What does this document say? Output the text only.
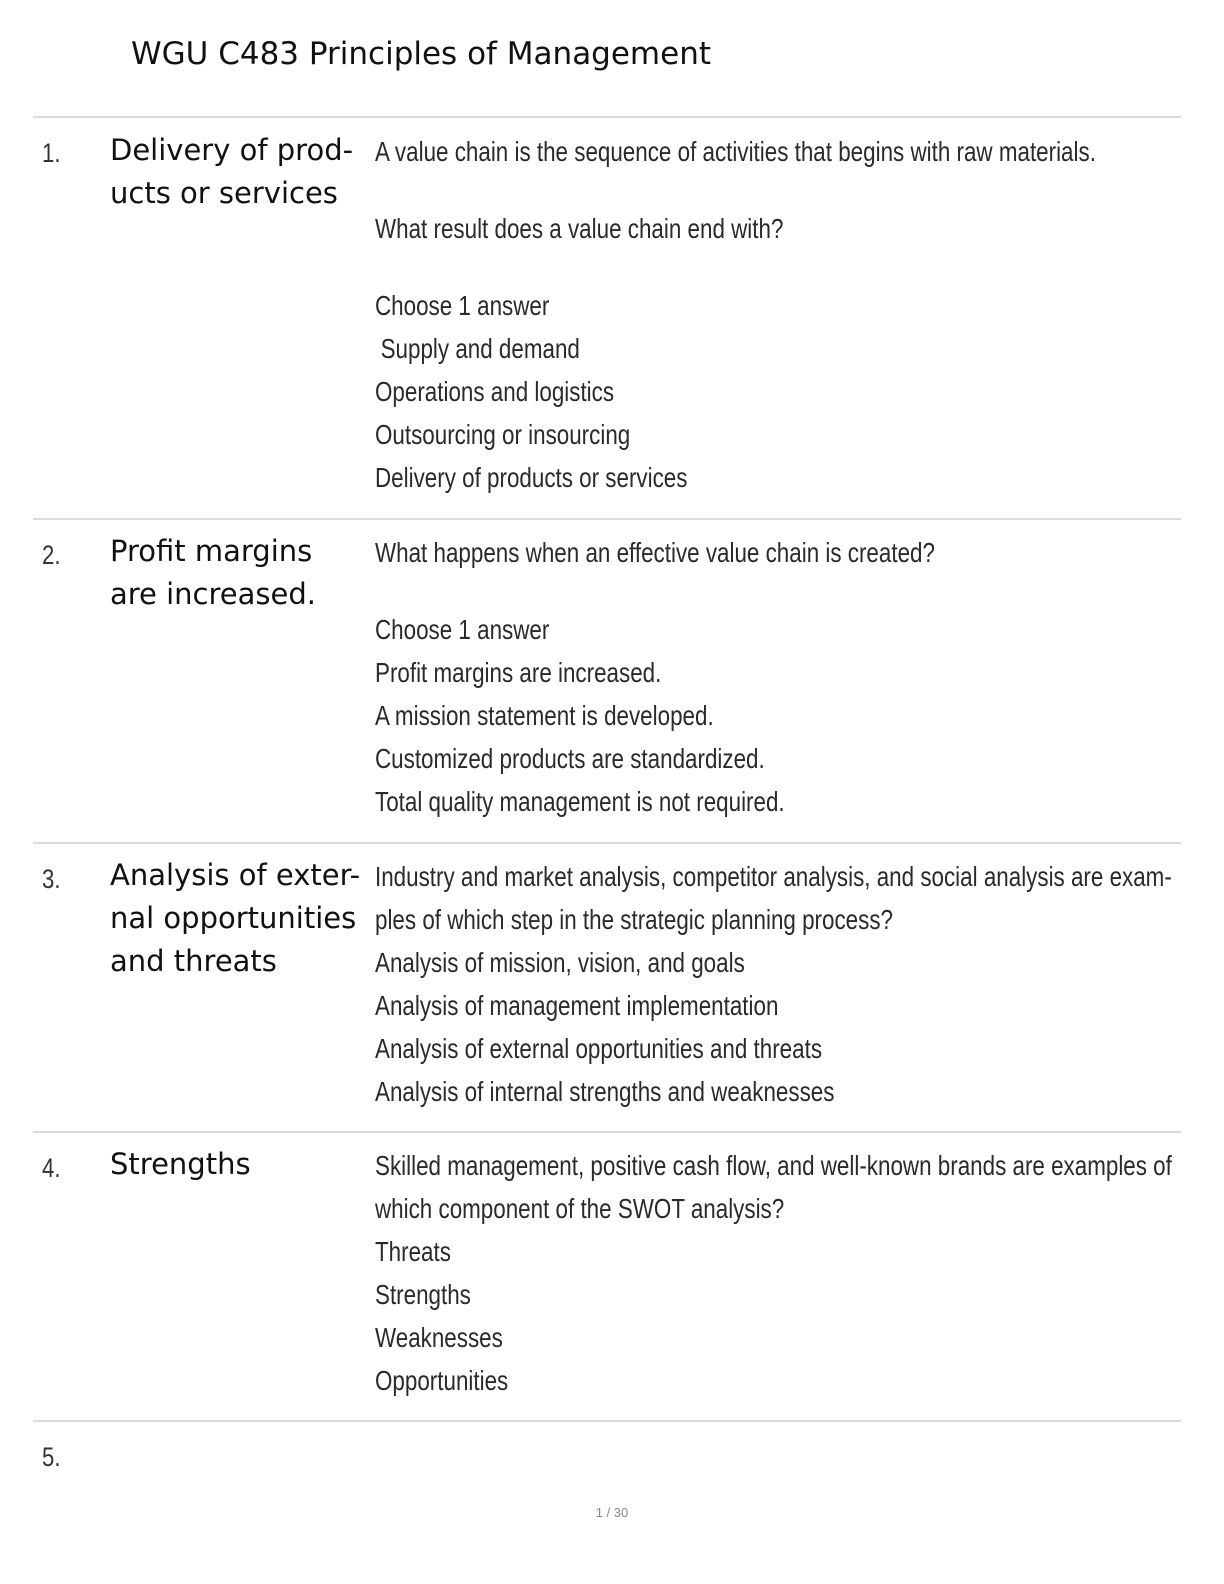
WGU C483 Principles of Management
1. Delivery of prod-
ucts or services
A value chain is the sequence of activities that begins with raw materials.
What result does a value chain end with?
Choose 1 answer
Supply and demand
Operations and logistics
Outsourcing or insourcing
Delivery of products or services
2. Profit margins
are increased.
What happens when an effective value chain is created?
Choose 1 answer
Profit margins are increased.
A mission statement is developed.
Customized products are standardized.
Total quality management is not required.
3. Analysis of exter-
nal opportunities
and threats
Industry and market analysis, competitor analysis, and social analysis are exam-
ples of which step in the strategic planning process?
Analysis of mission, vision, and goals
Analysis of management implementation
Analysis of external opportunities and threats
Analysis of internal strengths and weaknesses
4. Strengths	Skilled management, positive cash flow, and well-known brands are examples of
which component of the SWOT analysis?
Threats
Strengths
Weaknesses
Opportunities
5.
1 / 30
